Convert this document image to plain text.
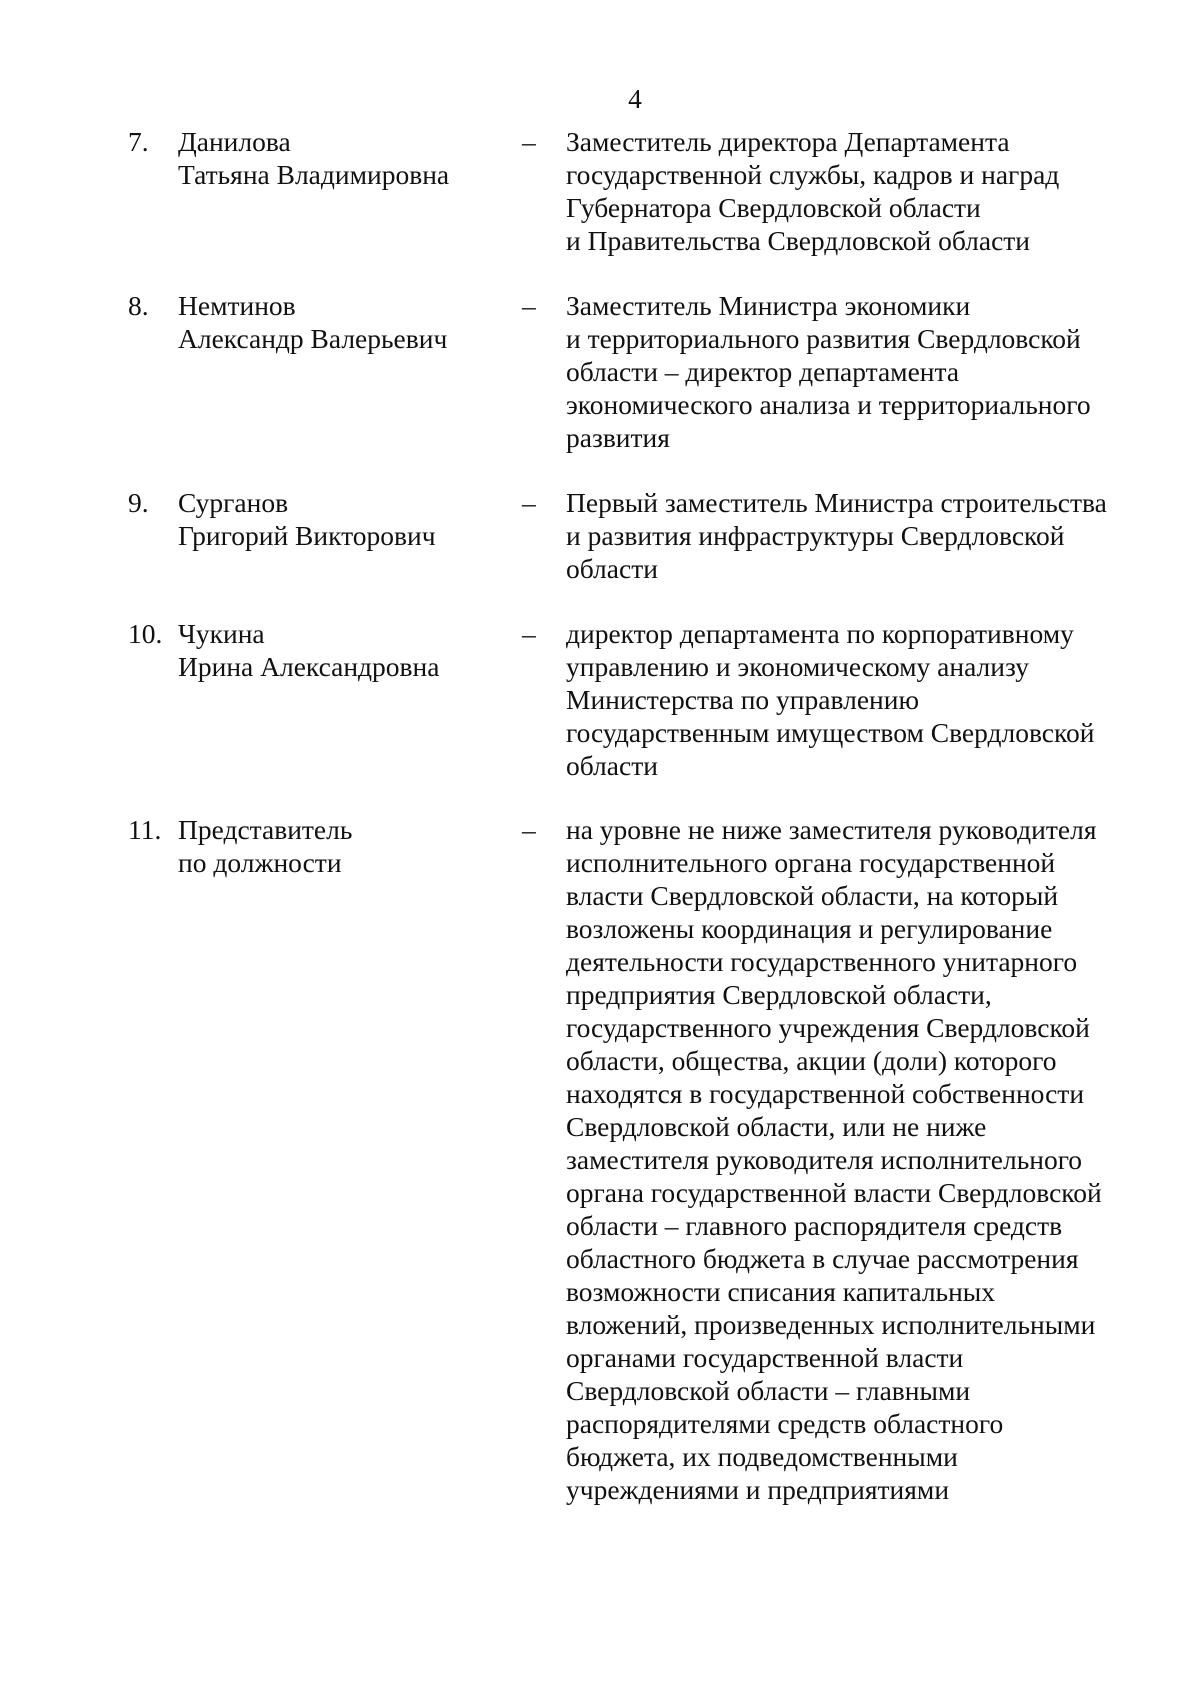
4
7. Данилова
Татьяна Владимировна
– Заместитель директора Департамента
государственной службы, кадров и наград
Губернатора Свердловской области
и Правительства Свердловской области
8. Немтинов
Александр Валерьевич
– Заместитель Министра экономики
и территориального развития Свердловской
области – директор департамента
экономического анализа и территориального
развития
9. Сурганов
Григорий Викторович
– Первый заместитель Министра строительства
и развития инфраструктуры Свердловской
области
10. Чукина
Ирина Александровна
– директор департамента по корпоративному
управлению и экономическому анализу
Министерства по управлению
государственным имуществом Свердловской
области
11. Представитель
по должности
– на уровне не ниже заместителя руководителя
исполнительного органа государственной
власти Свердловской области, на который
возложены координация и регулирование
деятельности государственного унитарного
предприятия Свердловской области,
государственного учреждения Свердловской
области, общества, акции (доли) которого
находятся в государственной собственности
Свердловской области, или не ниже
заместителя руководителя исполнительного
органа государственной власти Свердловской
области – главного распорядителя средств
областного бюджета в случае рассмотрения
возможности списания капитальных
вложений, произведенных исполнительными
органами государственной власти
Свердловской области – главными
распорядителями средств областного
бюджета, их подведомственными
учреждениями и предприятиями
